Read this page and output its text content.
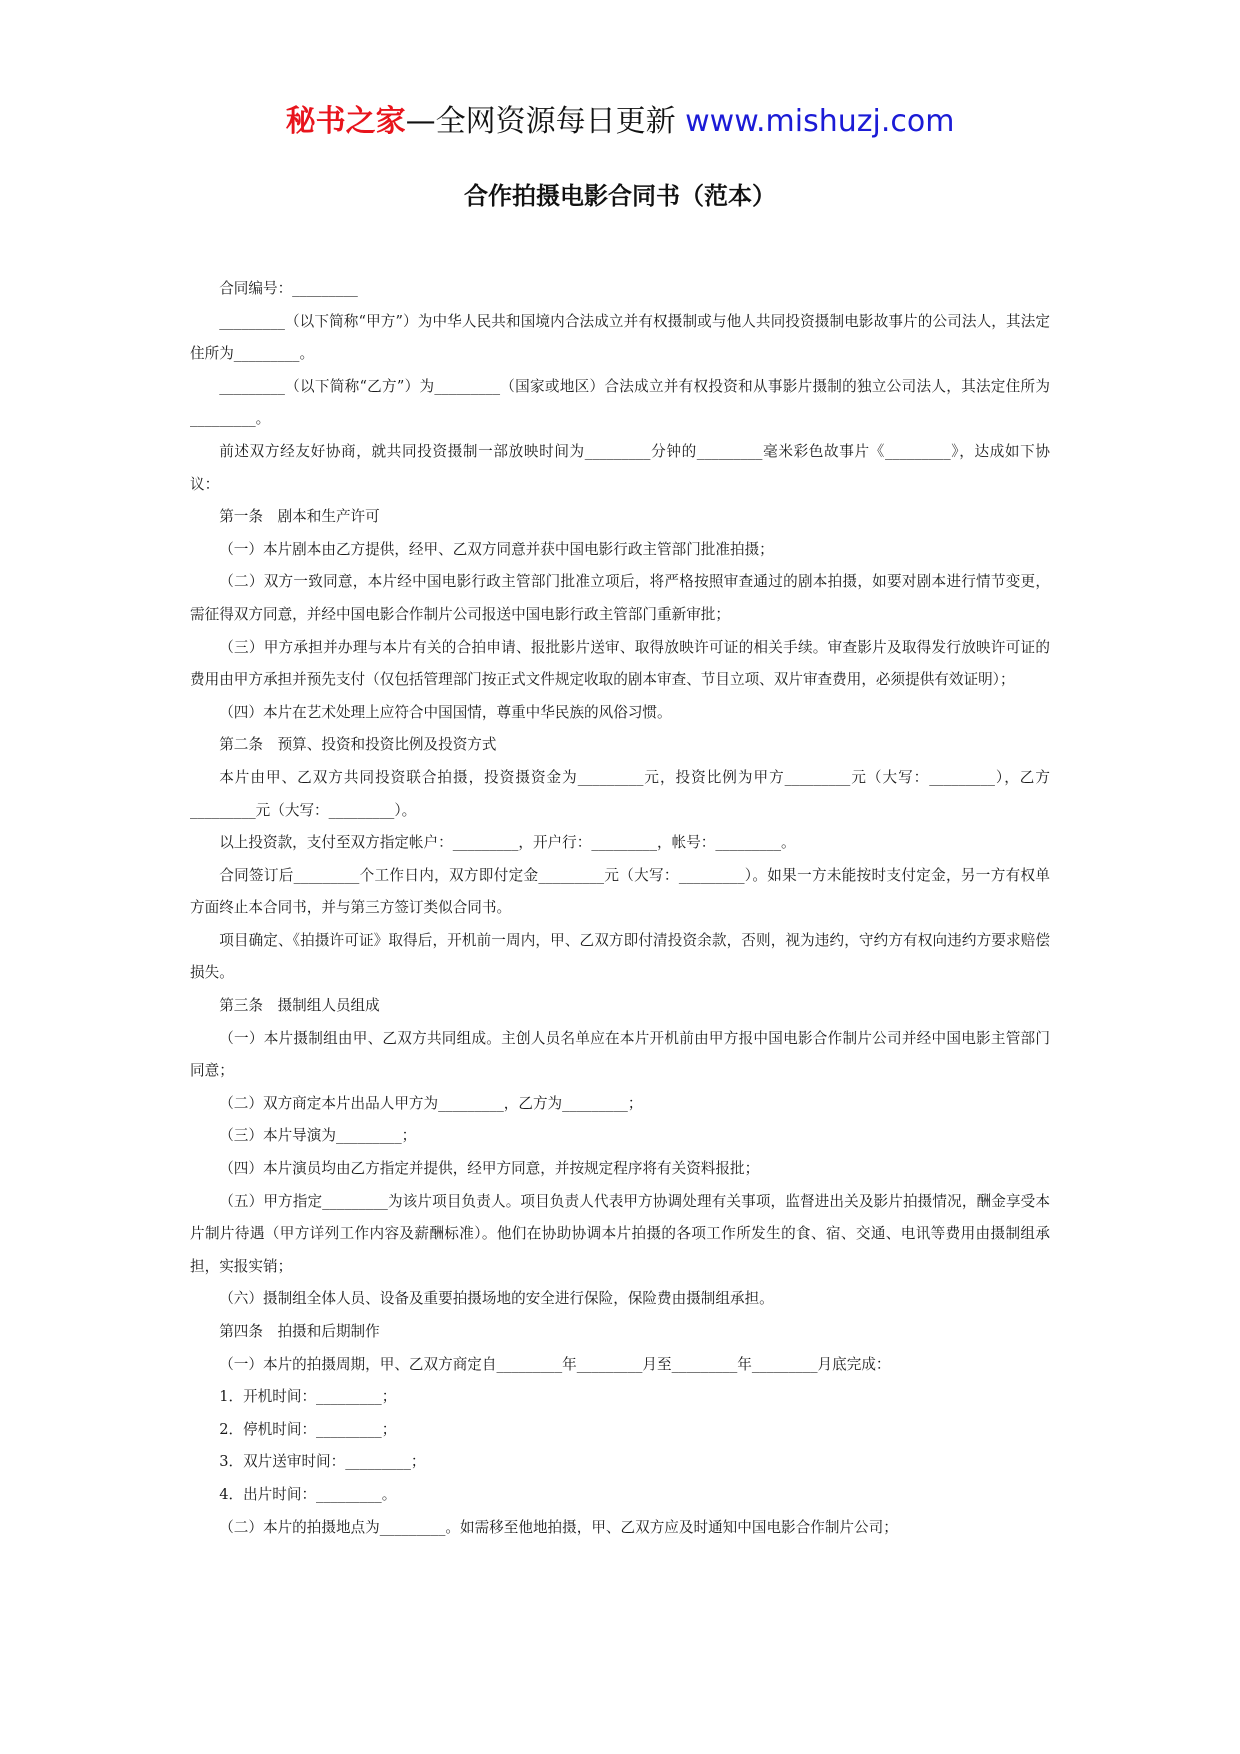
秘书之家—全网资源每日更新 www.mishuzj.com
合作拍摄电影合同书（范本）

合同编号：_________

_________（以下简称“甲方”）为中华人民共和国境内合法成立并有权摄制或与他人共同投资摄制电影故事片的公司法人，其法定住所为_________。

_________（以下简称“乙方”）为_________（国家或地区）合法成立并有权投资和从事影片摄制的独立公司法人，其法定住所为_________。

前述双方经友好协商，就共同投资摄制一部放映时间为_________分钟的_________毫米彩色故事片《_________》，达成如下协议：

第一条　剧本和生产许可

（一）本片剧本由乙方提供，经甲、乙双方同意并获中国电影行政主管部门批准拍摄；

（二）双方一致同意，本片经中国电影行政主管部门批准立项后，将严格按照审查通过的剧本拍摄，如要对剧本进行情节变更，需征得双方同意，并经中国电影合作制片公司报送中国电影行政主管部门重新审批；

（三）甲方承担并办理与本片有关的合拍申请、报批影片送审、取得放映许可证的相关手续。审查影片及取得发行放映许可证的费用由甲方承担并预先支付（仅包括管理部门按正式文件规定收取的剧本审查、节目立项、双片审查费用，必须提供有效证明）；

（四）本片在艺术处理上应符合中国国情，尊重中华民族的风俗习惯。

第二条　预算、投资和投资比例及投资方式

本片由甲、乙双方共同投资联合拍摄，投资摄资金为_________元，投资比例为甲方_________元（大写：_________），乙方_________元（大写：_________）。

以上投资款，支付至双方指定帐户：_________，开户行：_________，帐号：_________。

合同签订后_________个工作日内，双方即付定金_________元（大写：_________）。如果一方未能按时支付定金，另一方有权单方面终止本合同书，并与第三方签订类似合同书。

项目确定、《拍摄许可证》取得后，开机前一周内，甲、乙双方即付清投资余款，否则，视为违约，守约方有权向违约方要求赔偿损失。

第三条　摄制组人员组成

（一）本片摄制组由甲、乙双方共同组成。主创人员名单应在本片开机前由甲方报中国电影合作制片公司并经中国电影主管部门同意；

（二）双方商定本片出品人甲方为_________，乙方为_________；

（三）本片导演为_________；

（四）本片演员均由乙方指定并提供，经甲方同意，并按规定程序将有关资料报批；

（五）甲方指定_________为该片项目负责人。项目负责人代表甲方协调处理有关事项，监督进出关及影片拍摄情况，酬金享受本片制片待遇（甲方详列工作内容及薪酬标准）。他们在协助协调本片拍摄的各项工作所发生的食、宿、交通、电讯等费用由摄制组承担，实报实销；

（六）摄制组全体人员、设备及重要拍摄场地的安全进行保险，保险费由摄制组承担。

第四条　拍摄和后期制作

（一）本片的拍摄周期，甲、乙双方商定自_________年_________月至_________年_________月底完成：

1．开机时间：_________；

2．停机时间：_________；

3．双片送审时间：_________；

4．出片时间：_________。

（二）本片的拍摄地点为_________。如需移至他地拍摄，甲、乙双方应及时通知中国电影合作制片公司；
